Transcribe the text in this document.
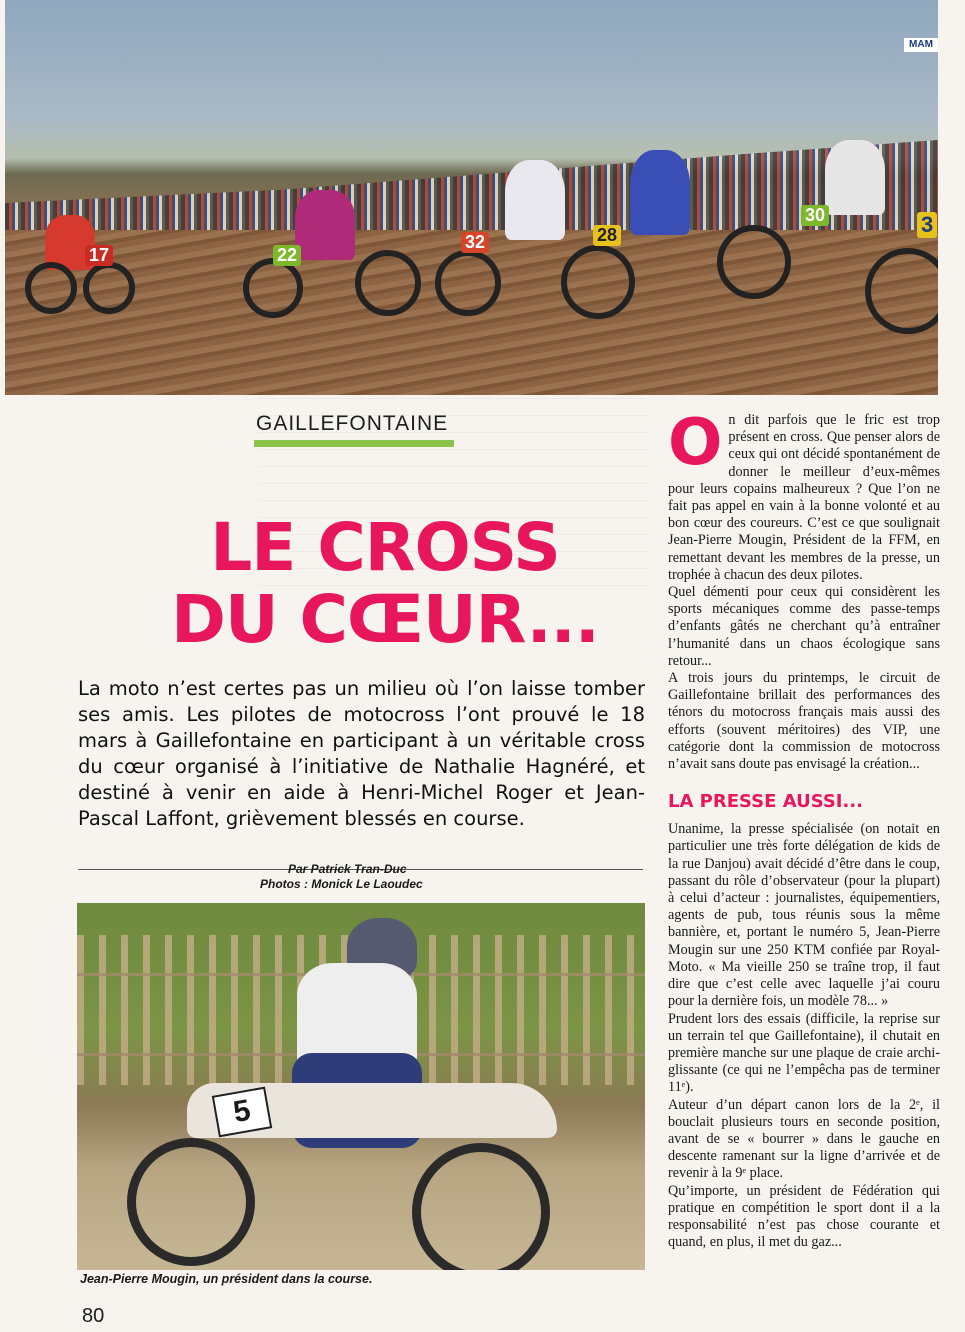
MAM
17	22
32	28
30	3
GAILLEFONTAINE
LE CROSS
DU CŒUR...
La moto n’est certes pas un milieu où l’on laisse tomber ses amis. Les pilotes de motocross l’ont prouvé le 18 mars à Gaillefontaine en participant à un véritable cross du cœur organisé à l’initiative de Nathalie Hagnéré, et destiné à venir en aide à Henri-Michel Roger et Jean-Pascal Laffont, grièvement blessés en course.
Par Patrick Tran-Duc
Photos : Monick Le Laoudec
5
Jean-Pierre Mougin, un président dans la course.
80
O n dit parfois que le fric est trop présent en cross. Que penser alors de ceux qui ont décidé spontanément de donner le meilleur d’eux-mêmes pour leurs copains malheureux ? Que l’on ne fait pas appel en vain à la bonne volonté et au bon cœur des coureurs. C’est ce que soulignait Jean-Pierre Mougin, Président de la FFM, en remettant devant les membres de la presse, un trophée à chacun des deux pilotes.

Quel démenti pour ceux qui considèrent les sports mécaniques comme des passe-temps d’enfants gâtés ne cherchant qu’à entraîner l’humanité dans un chaos écologique sans retour...

A trois jours du printemps, le circuit de Gaillefontaine brillait des performances des ténors du motocross français mais aussi des efforts (souvent méritoires) des VIP, une catégorie dont la commission de motocross n’avait sans doute pas envisagé la création...

LA PRESSE AUSSI...

Unanime, la presse spécialisée (on notait en particulier une très forte délégation de kids de la rue Danjou) avait décidé d’être dans le coup, passant du rôle d’observateur (pour la plupart) à celui d’acteur : journalistes, équipementiers, agents de pub, tous réunis sous la même bannière, et, portant le numéro 5, Jean-Pierre Mougin sur une 250 KTM confiée par Royal-Moto. « Ma vieille 250 se traîne trop, il faut dire que c’est celle avec laquelle j’ai couru pour la dernière fois, un modèle 78... »

Prudent lors des essais (difficile, la reprise sur un terrain tel que Gaillefontaine), il chutait en première manche sur une plaque de craie archi-glissante (ce qui ne l’empêcha pas de terminer 11ᵉ).

Auteur d’un départ canon lors de la 2ᵉ, il bouclait plusieurs tours en seconde position, avant de se « bourrer » dans le gauche en descente ramenant sur la ligne d’arrivée et de revenir à la 9ᵉ place.

Qu’importe, un président de Fédération qui pratique en compétition le sport dont il a la responsabilité n’est pas chose courante et quand, en plus, il met du gaz...
